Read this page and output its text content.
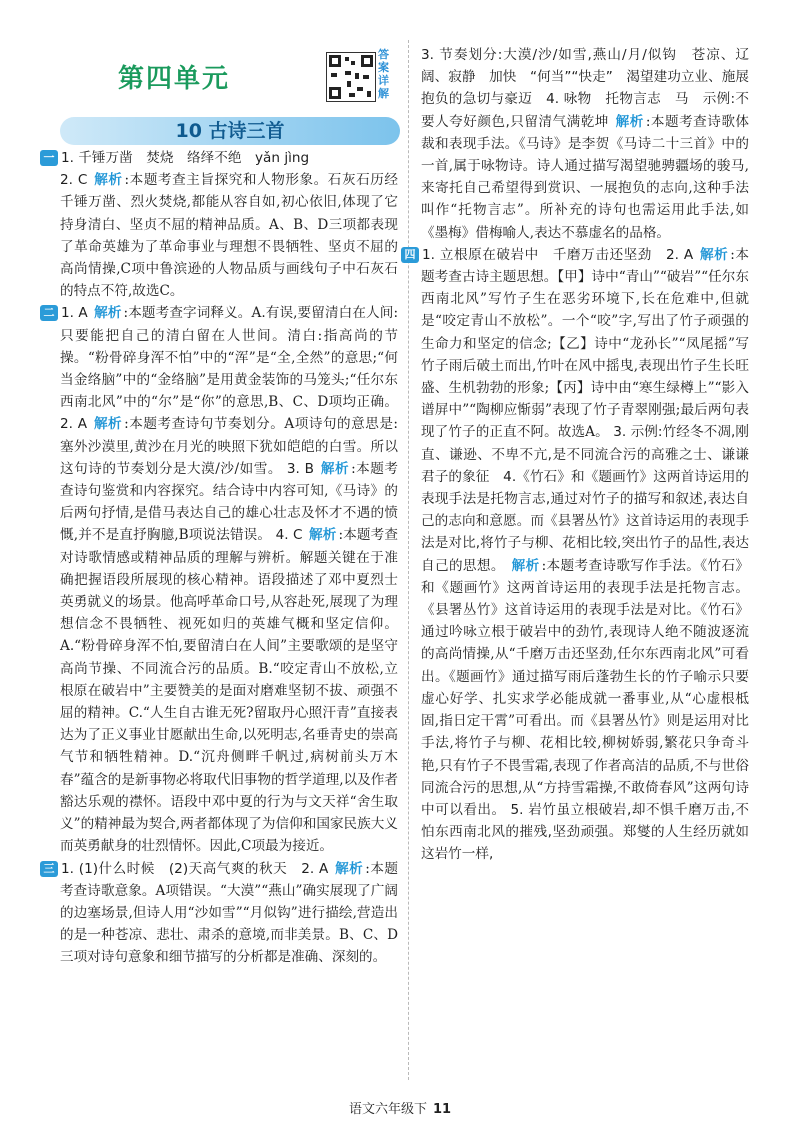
第四单元
答案详解
10 古诗三首

一 1. 千锤万凿　焚烧　络绎不绝　yǎn jìng

2. C 解析 :本题考查主旨探究和人物形象。石灰石历经千锤万凿、烈火焚烧,都能从容自如,初心依旧,体现了它持身清白、坚贞不屈的精神品质。A、B、D三项都表现了革命英雄为了革命事业与理想不畏牺牲、坚贞不屈的高尚情操,C项中鲁滨逊的人物品质与画线句子中石灰石的特点不符,故选C。

二 1. A 解析 :本题考查字词释义。A.有误,要留清白在人间:只要能把自己的清白留在人世间。清白:指高尚的节操。“粉骨碎身浑不怕”中的“浑”是“全,全然”的意思;“何当金络脑”中的“金络脑”是用黄金装饰的马笼头;“任尔东西南北风”中的“尔”是“你”的意思,B、C、D项均正确。 2. A 解析 :本题考查诗句节奏划分。A项诗句的意思是:塞外沙漠里,黄沙在月光的映照下犹如皑皑的白雪。所以这句诗的节奏划分是大漠/沙/如雪。 3. B 解析 :本题考查诗句鉴赏和内容探究。结合诗中内容可知,《马诗》的后两句抒情,是借马表达自己的雄心壮志及怀才不遇的愤慨,并不是直抒胸臆,B项说法错误。 4. C 解析 :本题考查对诗歌情感或精神品质的理解与辨析。解题关键在于准确把握语段所展现的核心精神。语段描述了邓中夏烈士英勇就义的场景。他高呼革命口号,从容赴死,展现了为理想信念不畏牺牲、视死如归的英雄气概和坚定信仰。A.“粉骨碎身浑不怕,要留清白在人间”主要歌颂的是坚守高尚节操、不同流合污的品质。B.“咬定青山不放松,立根原在破岩中”主要赞美的是面对磨难坚韧不拔、顽强不屈的精神。C.“人生自古谁无死?留取丹心照汗青”直接表达为了正义事业甘愿献出生命,以死明志,名垂青史的崇高气节和牺牲精神。D.“沉舟侧畔千帆过,病树前头万木春”蕴含的是新事物必将取代旧事物的哲学道理,以及作者豁达乐观的襟怀。语段中邓中夏的行为与文天祥“舍生取义”的精神最为契合,两者都体现了为信仰和国家民族大义而英勇献身的壮烈情怀。因此,C项最为接近。

三 1. (1)什么时候　(2)天高气爽的秋天　2. A 解析 :本题考查诗歌意象。A项错误。“大漠”“燕山”确实展现了广阔的边塞场景,但诗人用“沙如雪”“月似钩”进行描绘,营造出的是一种苍凉、悲壮、肃杀的意境,而非美景。B、C、D三项对诗句意象和细节描写的分析都是准确、深刻的。

3. 节奏划分:大漠/沙/如雪,燕山/月/似钩　苍凉、辽阔、寂静　加快　“何当”“快走”　渴望建功立业、施展抱负的急切与豪迈　4. 咏物　托物言志　马　示例:不要人夸好颜色,只留清气满乾坤 解析 :本题考查诗歌体裁和表现手法。《马诗》是李贺《马诗二十三首》中的一首,属于咏物诗。诗人通过描写渴望驰骋疆场的骏马,来寄托自己希望得到赏识、一展抱负的志向,这种手法叫作“托物言志”。所补充的诗句也需运用此手法,如《墨梅》借梅喻人,表达不慕虚名的品格。

四 1. 立根原在破岩中　千磨万击还坚劲　2. A 解析 :本题考查古诗主题思想。【甲】诗中“青山”“破岩”“任尔东西南北风”写竹子生在恶劣环境下,长在危难中,但就是“咬定青山不放松”。一个“咬”字,写出了竹子顽强的生命力和坚定的信念;【乙】诗中“龙孙长”“凤尾摇”写竹子雨后破土而出,竹叶在风中摇曳,表现出竹子生长旺盛、生机勃勃的形象;【丙】诗中由“寒生绿樽上”“影入谱屏中”“陶柳应惭弱”表现了竹子青翠刚强;最后两句表现了竹子的正直不阿。故选A。 3. 示例:竹经冬不凋,刚直、谦逊、不卑不亢,是不同流合污的高雅之士、谦谦君子的象征　4.《竹石》和《题画竹》这两首诗运用的表现手法是托物言志,通过对竹子的描写和叙述,表达自己的志向和意愿。而《县署丛竹》这首诗运用的表现手法是对比,将竹子与柳、花相比较,突出竹子的品性,表达自己的思想。 解析 :本题考查诗歌写作手法。《竹石》和《题画竹》这两首诗运用的表现手法是托物言志。《县署丛竹》这首诗运用的表现手法是对比。《竹石》通过吟咏立根于破岩中的劲竹,表现诗人绝不随波逐流的高尚情操,从“千磨万击还坚劲,任尔东西南北风”可看出。《题画竹》通过描写雨后蓬勃生长的竹子喻示只要虚心好学、扎实求学必能成就一番事业,从“心虚根柢固,指日定干霄”可看出。而《县署丛竹》则是运用对比手法,将竹子与柳、花相比较,柳树娇弱,繁花只争奇斗艳,只有竹子不畏雪霜,表现了作者高洁的品质,不与世俗同流合污的思想,从“方持雪霜操,不敢倚春风”这两句诗中可以看出。 5. 岩竹虽立根破岩,却不惧千磨万击,不怕东西南北风的摧残,坚劲顽强。郑燮的人生经历就如这岩竹一样,

语文六年级下 11
